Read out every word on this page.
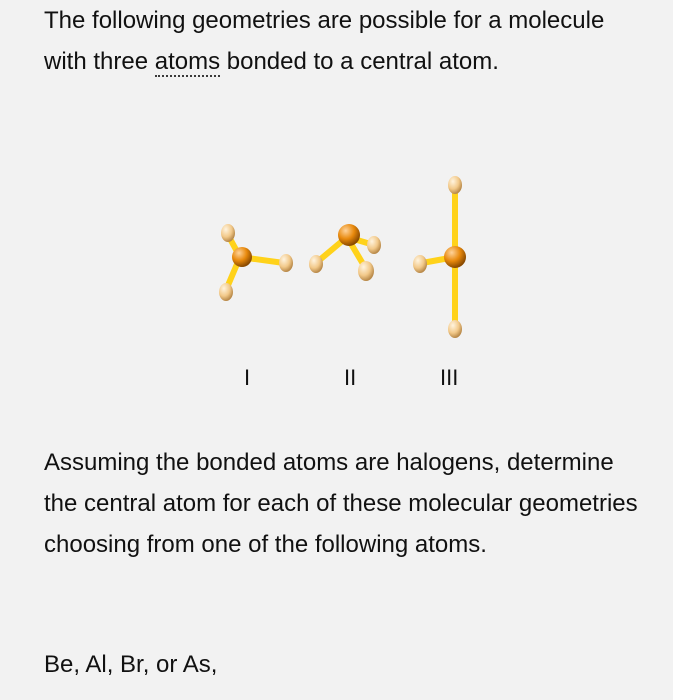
The following geometries are possible for a molecule with three atoms bonded to a central atom.

I	II	III

Assuming the bonded atoms are halogens, determine the central atom for each of these molecular geometries choosing from one of the following atoms.

Be, Al, Br, or As,
